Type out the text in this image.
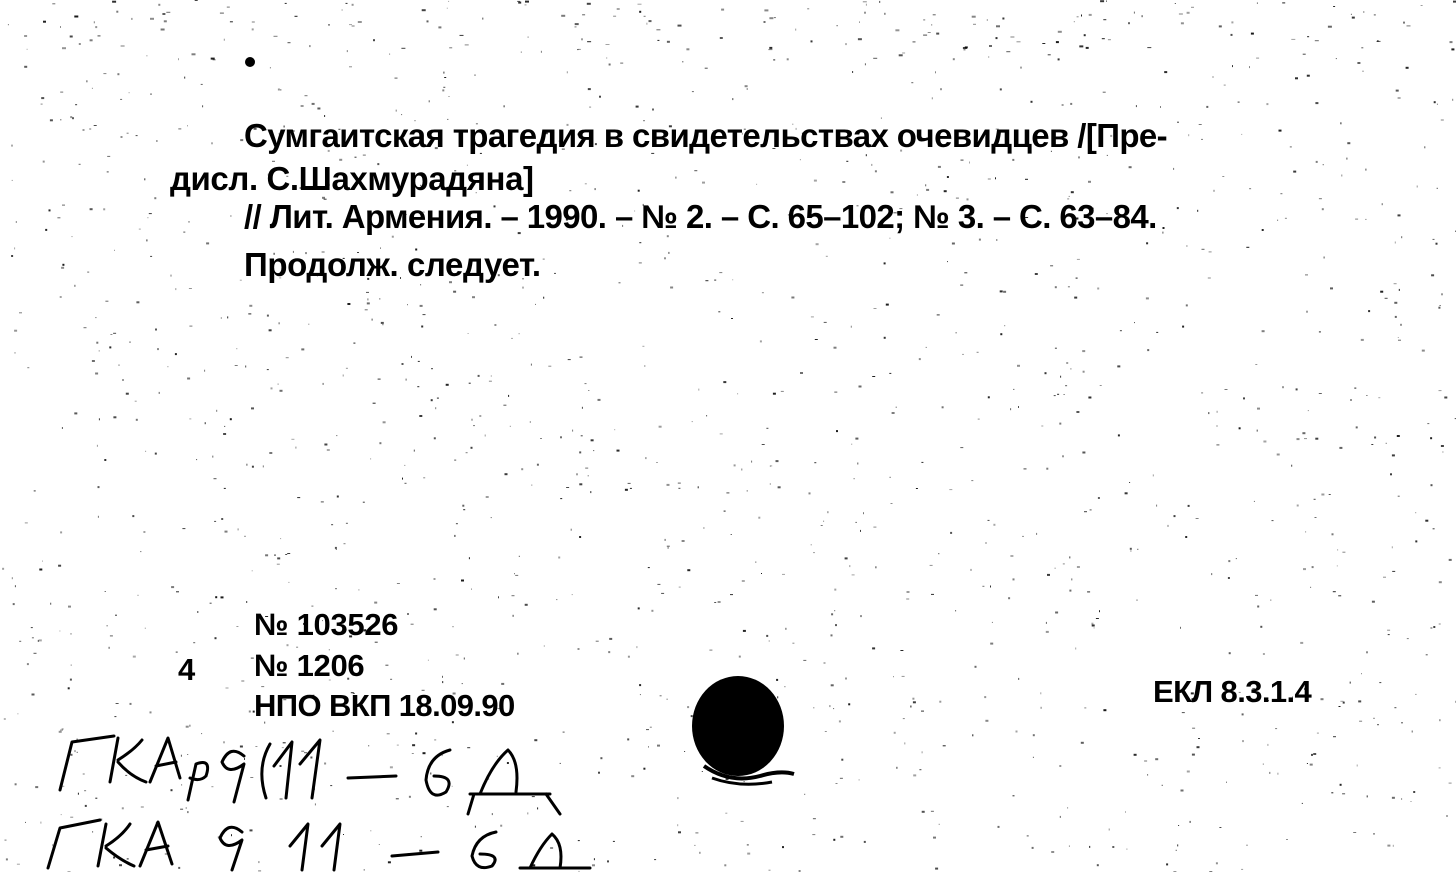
Сумгаитская трагедия в свидетельствах очевидцев /[Пре-
дисл. С.Шахмурадяна]
// Лит. Армения. – 1990. – № 2. – С. 65–102; № 3. – С. 63–84.
Продолж. следует.
№ 103526
4 № 1206
НПО ВКП 18.09.90	ЕКЛ 8.3.1.4
